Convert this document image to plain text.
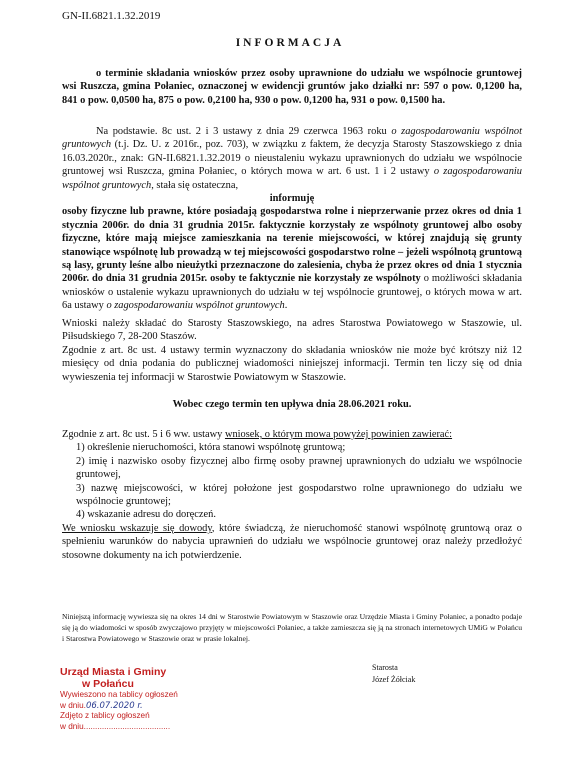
GN-II.6821.1.32.2019
INFORMACJA
o terminie składania wniosków przez osoby uprawnione do udziału we wspólnocie gruntowej wsi Ruszcza, gmina Połaniec, oznaczonej w ewidencji gruntów jako działki nr: 597 o pow. 0,1200 ha, 841 o pow. 0,0500 ha, 875 o pow. 0,2100 ha, 930 o pow. 0,1200 ha, 931 o pow. 0,1500 ha.

Na podstawie. 8c ust. 2 i 3 ustawy z dnia 29 czerwca 1963 roku o zagospodarowaniu wspólnot gruntowych (t.j. Dz. U. z 2016r., poz. 703), w związku z faktem, że decyzja Starosty Staszowskiego z dnia 16.03.2020r., znak: GN-II.6821.1.32.2019 o nieustaleniu wykazu uprawnionych do udziału we wspólnocie gruntowej wsi Ruszcza, gmina Połaniec, o których mowa w art. 6 ust. 1 i 2 ustawy o zagospodarowaniu wspólnot gruntowych, stała się ostateczna,

informuję

osoby fizyczne lub prawne, które posiadają gospodarstwa rolne i nieprzerwanie przez okres od dnia 1 stycznia 2006r. do dnia 31 grudnia 2015r. faktycznie korzystały ze wspólnoty gruntowej albo osoby fizyczne, które mają miejsce zamieszkania na terenie miejscowości, w której znajdują się grunty stanowiące wspólnotę lub prowadzą w tej miejscowości gospodarstwo rolne – jeżeli wspólnotą gruntową są lasy, grunty leśne albo nieużytki przeznaczone do zalesienia, chyba że przez okres od dnia 1 stycznia 2006r. do dnia 31 grudnia 2015r. osoby te faktycznie nie korzystały ze wspólnoty o możliwości składania wniosków o ustalenie wykazu uprawnionych do udziału w tej wspólnocie gruntowej, o których mowa w art. 6a ustawy o zagospodarowaniu wspólnot gruntowych.

Wnioski należy składać do Starosty Staszowskiego, na adres Starostwa Powiatowego w Staszowie, ul. Piłsudskiego 7, 28-200 Staszów.
Zgodnie z art. 8c ust. 4 ustawy termin wyznaczony do składania wniosków nie może być krótszy niż 12 miesięcy od dnia podania do publicznej wiadomości niniejszej informacji. Termin ten liczy się od dnia wywieszenia tej informacji w Starostwie Powiatowym w Staszowie.
Wobec czego termin ten upływa dnia 28.06.2021 roku.

Zgodnie z art. 8c ust. 5 i 6 ww. ustawy wniosek, o którym mowa powyżej powinien zawierać:

1) określenie nieruchomości, która stanowi wspólnotę gruntową;

2) imię i nazwisko osoby fizycznej albo firmę osoby prawnej uprawnionych do udziału we wspólnocie gruntowej,

3) nazwę miejscowości, w której położone jest gospodarstwo rolne uprawnionego do udziału we wspólnocie gruntowej;

4) wskazanie adresu do doręczeń.

We wniosku wskazuje się dowody, które świadczą, że nieruchomość stanowi wspólnotę gruntową oraz o spełnieniu warunków do nabycia uprawnień do udziału we wspólnocie gruntowej oraz należy przedłożyć stosowne dokumenty na ich potwierdzenie.

Niniejszą informację wywiesza się na okres 14 dni w Starostwie Powiatowym w Staszowie oraz Urzędzie Miasta i Gminy Połaniec, a ponadto podaje się ją do wiadomości w sposób zwyczajowo przyjęty w miejscowości Połaniec, a także zamieszcza się ją na stronach internetowych UMiG w Połańcu i Starostwa Powiatowego w Staszowie oraz w prasie lokalnej.
Starosta
Józef Żółciak
Urząd Miasta i Gminy
w Połańcu
Wywieszono na tablicy ogłoszeń
w dniu.06.07.2020 r.
Zdjęto z tablicy ogłoszeń
w dniu......................................
